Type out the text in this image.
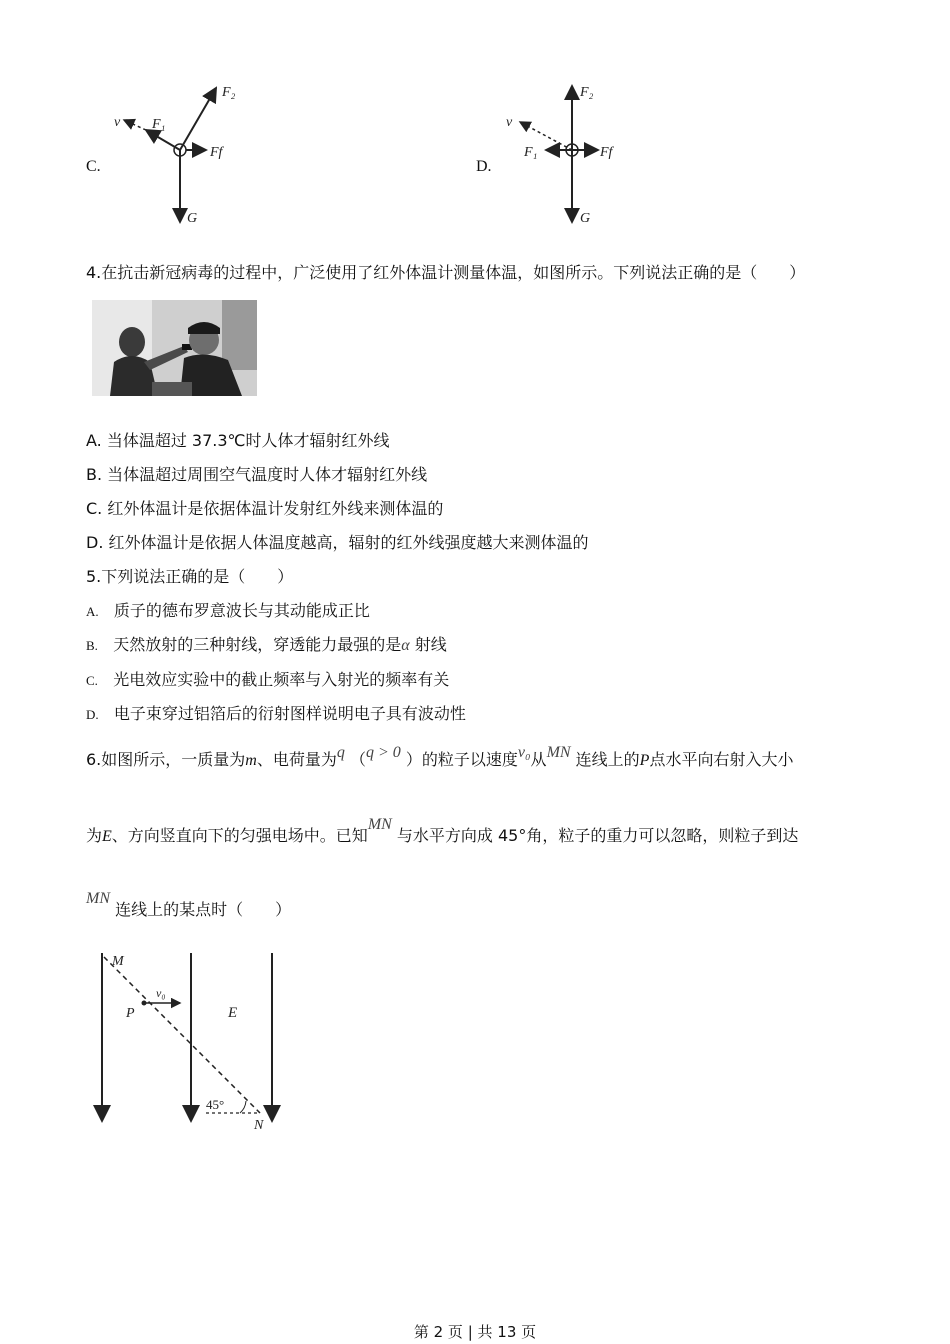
C.
F₂
F₁
v
Ff
G
D.
F₂
F₁
v
Ff
G
4.在抗击新冠病毒的过程中，广泛使用了红外体温计测量体温，如图所示。下列说法正确的是（　　）
A. 当体温超过 37.3℃时人体才辐射红外线
B. 当体温超过周围空气温度时人体才辐射红外线
C. 红外体温计是依据体温计发射红外线来测体温的
D. 红外体温计是依据人体温度越高，辐射的红外线强度越大来测体温的
5.下列说法正确的是（　　）
A. 质子的德布罗意波长与其动能成正比
B. 天然放射的三种射线，穿透能力最强的是α 射线
C. 光电效应实验中的截止频率与入射光的频率有关
D. 电子束穿过铝箔后的衍射图样说明电子具有波动性
6.如图所示，一质量为m、电荷量为q （q > 0 ）的粒子以速度v₀从MN 连线上的P点水平向右射入大小
为E、方向竖直向下的匀强电场中。已知MN 与水平方向成 45°角，粒子的重力可以忽略，则粒子到达
MN 连线上的某点时（　　）
M
N
P
v₀
E
45°
第 2 页 | 共 13 页
